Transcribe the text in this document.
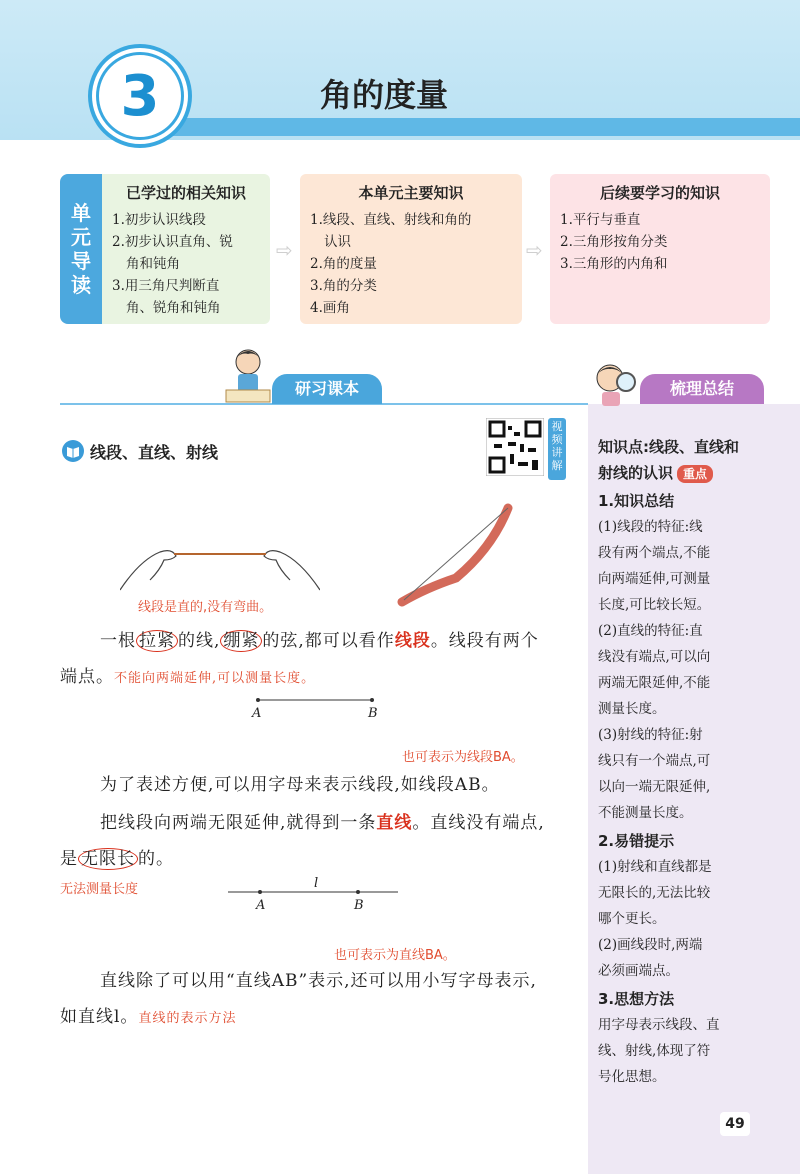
3	角的度量
单
元
导
读
已学过的相关知识
1.初步认识线段
2.初步认识直角、锐
角和钝角
3.用三角尺判断直
角、锐角和钝角
⇨
本单元主要知识
1.线段、直线、射线和角的
认识
2.角的度量
3.角的分类
4.画角
⇨
后续要学习的知识
1.平行与垂直
2.三角形按角分类
3.三角形的内角和
研习课本	梳理总结
线段、直线、射线
视
频
讲
解
线段是直的,没有弯曲。
一根 拉紧 的线, 绷紧 的弦,都可以看作线段。线段有两个
端点。不能向两端延伸,可以测量长度。
A	B
也可表示为线段BA。
为了表述方便,可以用字母来表示线段,如线段AB。
把线段向两端无限延伸,就得到一条直线。直线没有端点,
是 无限长 的。
无法测量长度	l
A	B
也可表示为直线BA。
直线除了可以用“直线AB”表示,还可以用小写字母表示,
如直线l。直线的表示方法
知识点:线段、直线和
射线的认识 重点
1.知识总结
(1)线段的特征:线
段有两个端点,不能
向两端延伸,可测量
长度,可比较长短。
(2)直线的特征:直
线没有端点,可以向
两端无限延伸,不能
测量长度。
(3)射线的特征:射
线只有一个端点,可
以向一端无限延伸,
不能测量长度。
2.易错提示
(1)射线和直线都是
无限长的,无法比较
哪个更长。
(2)画线段时,两端
必须画端点。
3.思想方法
用字母表示线段、直
线、射线,体现了符
号化思想。
49
